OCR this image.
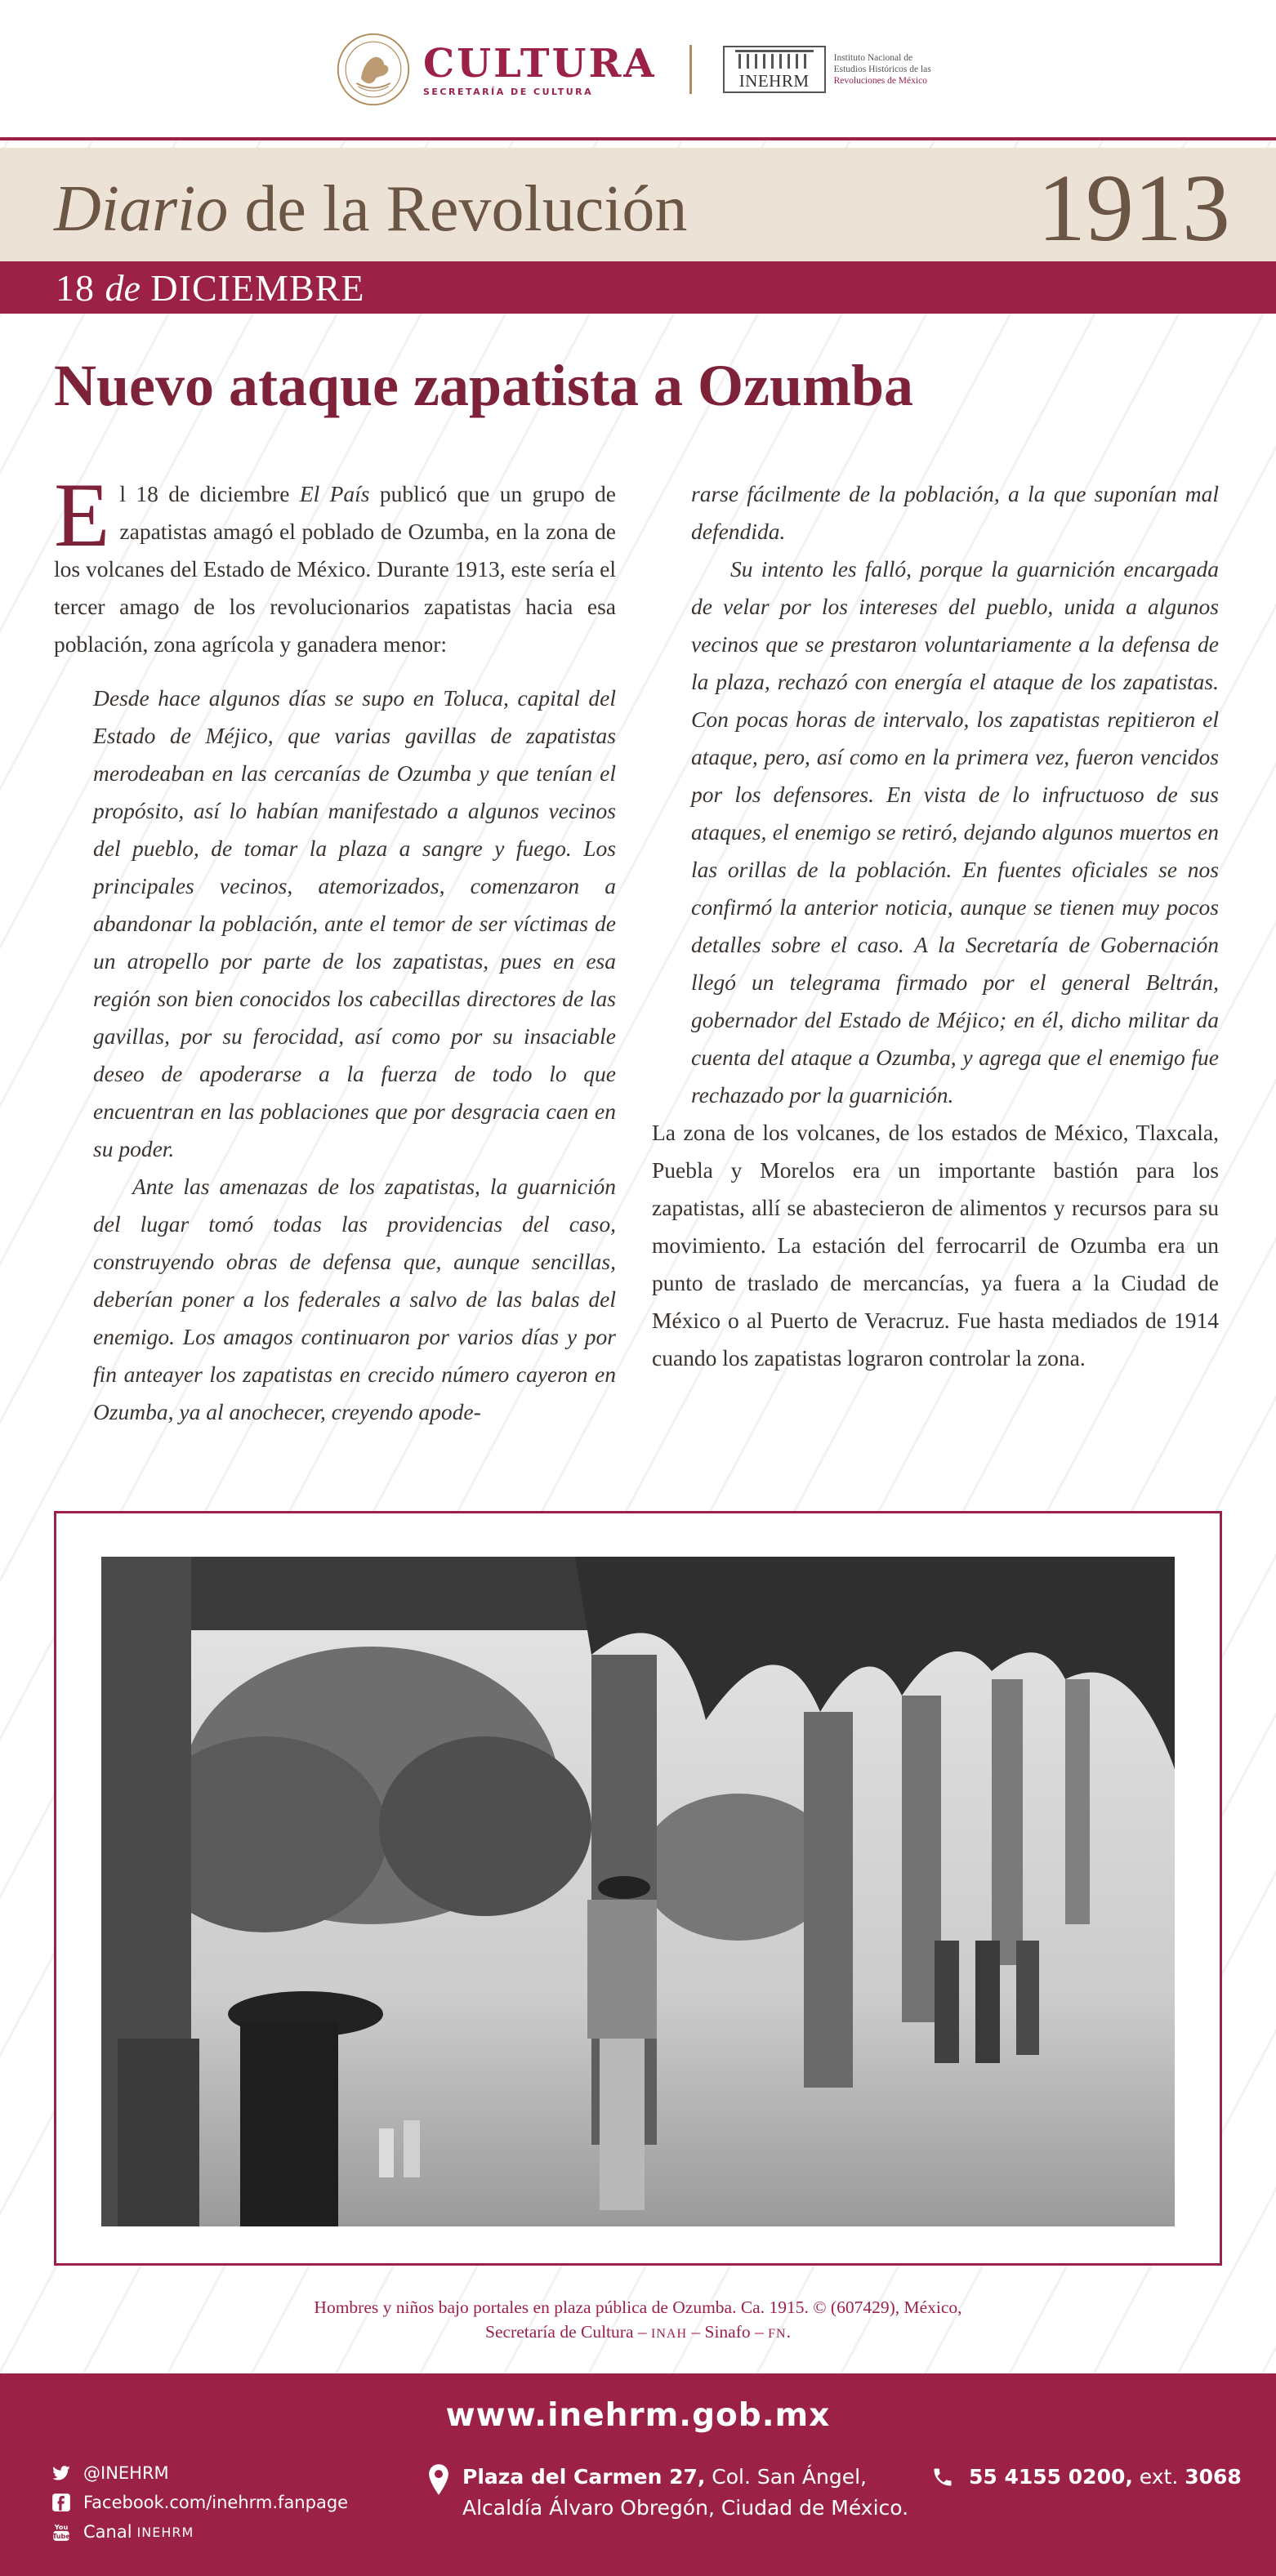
CULTURA
SECRETARÍA DE CULTURA
INEHRM
Instituto Nacional de
Estudios Históricos de las
Revoluciones de México
Diario de la Revolución	1913
18 de DICIEMBRE
Nuevo ataque zapatista a Ozumba

El 18 de diciembre El País publicó que un grupo de zapatistas amagó el poblado de Ozumba, en la zona de los volcanes del Estado de México. Durante 1913, este sería el tercer amago de los revolucionarios zapatistas hacia esa población, zona agrícola y ganadera menor:

Desde hace algunos días se supo en Toluca, capital del Estado de Méjico, que varias gavillas de zapatistas merodeaban en las cercanías de Ozumba y que tenían el propósito, así lo habían manifestado a algunos vecinos del pueblo, de tomar la plaza a sangre y fuego. Los principales vecinos, atemorizados, comenzaron a abandonar la población, ante el temor de ser víctimas de un atropello por parte de los zapatistas, pues en esa región son bien conocidos los cabecillas directores de las gavillas, por su ferocidad, así como por su insaciable deseo de apoderarse a la fuerza de todo lo que encuentran en las poblaciones que por desgracia caen en su poder.

Ante las amenazas de los zapatistas, la guarnición del lugar tomó todas las providencias del caso, construyendo obras de defensa que, aunque sencillas, deberían poner a los federales a salvo de las balas del enemigo. Los amagos continuaron por varios días y por fin anteayer los zapatistas en crecido número cayeron en Ozumba, ya al anochecer, creyendo apode-

rarse fácilmente de la población, a la que suponían mal defendida.

Su intento les falló, porque la guarnición encargada de velar por los intereses del pueblo, unida a algunos vecinos que se prestaron voluntariamente a la defensa de la plaza, rechazó con energía el ataque de los zapatistas. Con pocas horas de intervalo, los zapatistas repitieron el ataque, pero, así como en la primera vez, fueron vencidos por los defensores. En vista de lo infructuoso de sus ataques, el enemigo se retiró, dejando algunos muertos en las orillas de la población. En fuentes oficiales se nos confirmó la anterior noticia, aunque se tienen muy pocos detalles sobre el caso. A la Secretaría de Gobernación llegó un telegrama firmado por el general Beltrán, gobernador del Estado de Méjico; en él, dicho militar da cuenta del ataque a Ozumba, y agrega que el enemigo fue rechazado por la guarnición.

La zona de los volcanes, de los estados de México, Tlaxcala, Puebla y Morelos era un importante bastión para los zapatistas, allí se abastecieron de alimentos y recursos para su movimiento. La estación del ferrocarril de Ozumba era un punto de traslado de mercancías, ya fuera a la Ciudad de México o al Puerto de Veracruz. Fue hasta mediados de 1914 cuando los zapatistas lograron controlar la zona.

Hombres y niños bajo portales en plaza pública de Ozumba. Ca. 1915. © (607429), México,
Secretaría de Cultura – INAH – Sinafo – FN.
www.inehrm.gob.mx
@INEHRM
Facebook.com/inehrm.fanpage
You
Tube Canal INEHRM
Plaza del Carmen 27, Col. San Ángel,
Alcaldía Álvaro Obregón, Ciudad de México.
55 4155 0200, ext. 3068
